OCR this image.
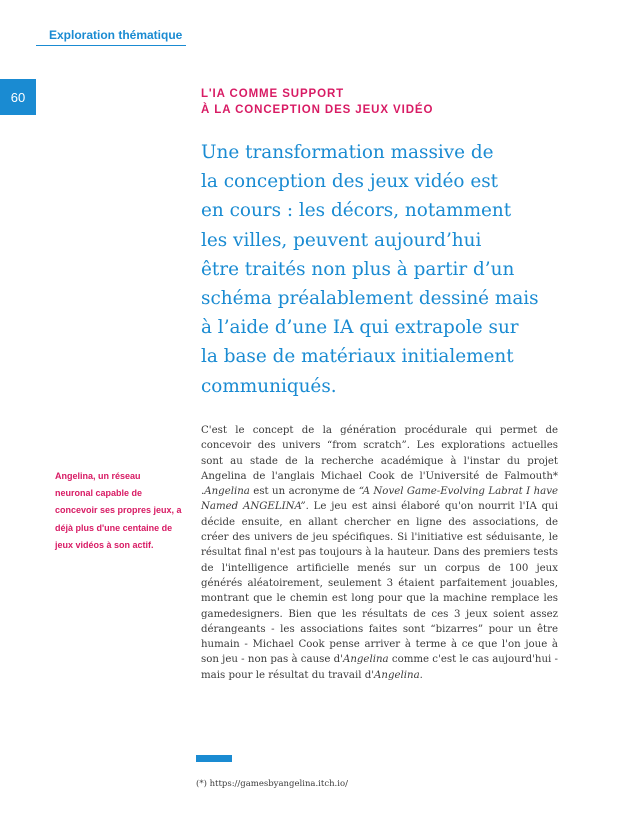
Exploration thématique
60	L'IA COMME SUPPORT
À LA CONCEPTION DES JEUX VIDÉO
Une transformation massive de
la conception des jeux vidéo est
en cours : les décors, notamment
les villes, peuvent aujourd’hui
être traités non plus à partir d’un
schéma préalablement dessiné mais
à l’aide d’une IA qui extrapole sur
la base de matériaux initialement
communiqués.
Angelina, un réseau
neuronal capable de
concevoir ses propres jeux, a
déjà plus d'une centaine de
jeux vidéos à son actif.

C'est le concept de la génération procédurale qui permet de concevoir des univers “from scratch”. Les explorations actuelles sont au stade de la recherche académique à l'instar du projet Angelina de l'anglais Michael Cook de l'Université de Falmouth* .Angelina est un acronyme de “A Novel Game-Evolving Labrat I have Named ANGELINA”. Le jeu est ainsi élaboré qu'on nourrit l'IA qui décide ensuite, en allant chercher en ligne des associations, de créer des univers de jeu spécifiques. Si l'initiative est séduisante, le résultat final n'est pas toujours à la hauteur. Dans des premiers tests de l'intelligence artificielle menés sur un corpus de 100 jeux générés aléatoirement, seulement 3 étaient parfaitement jouables, montrant que le chemin est long pour que la machine remplace les gamedesigners. Bien que les résultats de ces 3 jeux soient assez dérangeants - les associations faites sont “bizarres” pour un être humain - Michael Cook pense arriver à terme à ce que l'on joue à son jeu - non pas à cause d'Angelina comme c'est le cas aujourd'hui - mais pour le résultat du travail d'Angelina.

(*) https://gamesbyangelina.itch.io/
